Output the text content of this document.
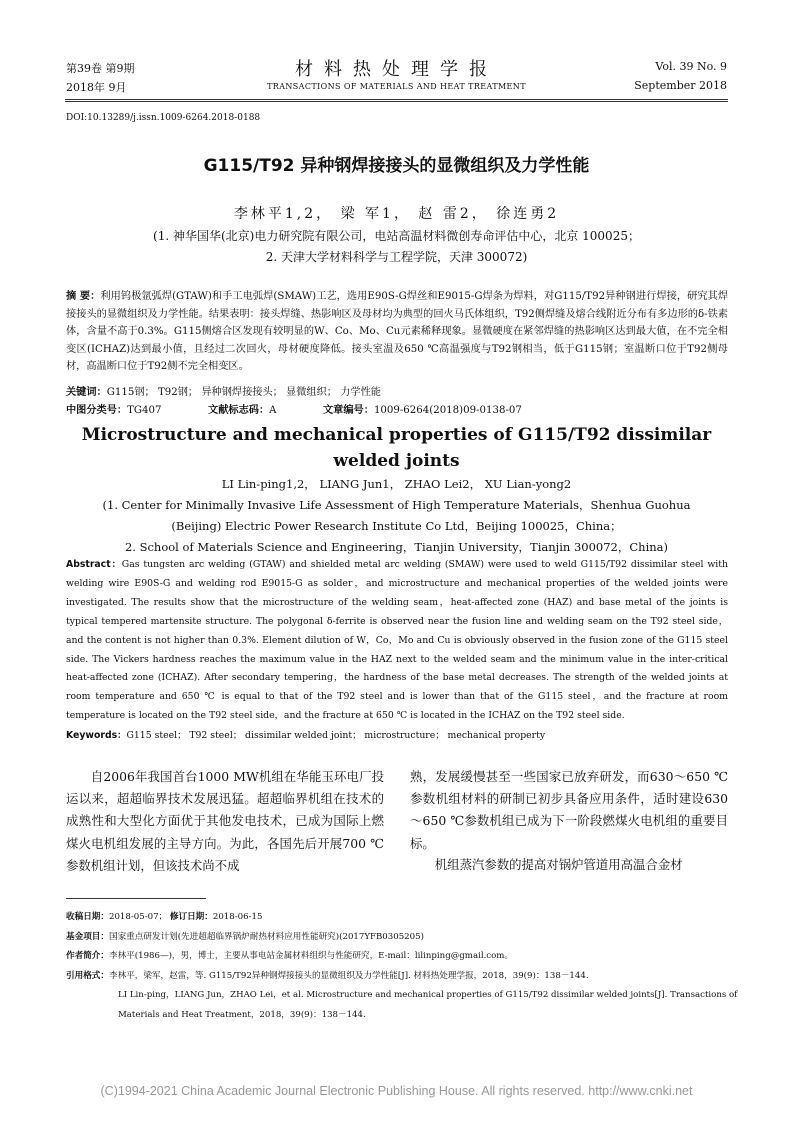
第39卷 第9期
2018年 9月
材料热处理学报
TRANSACTIONS OF MATERIALS AND HEAT TREATMENT
Vol. 39 No. 9
September 2018
DOI:10.13289/j.issn.1009-6264.2018-0188
G115/T92 异种钢焊接接头的显微组织及力学性能
李林平1,2， 梁 军1， 赵 雷2， 徐连勇2
(1. 神华国华(北京)电力研究院有限公司，电站高温材料微创寿命评估中心，北京 100025；
2. 天津大学材料科学与工程学院，天津 300072)
摘 要：利用钨极氩弧焊(GTAW)和手工电弧焊(SMAW)工艺，选用E90S-G焊丝和E9015-G焊条为焊料，对G115/T92异种钢进行焊接，研究其焊接接头的显微组织及力学性能。结果表明：接头焊缝、热影响区及母材均为典型的回火马氏体组织，T92侧焊缝及熔合线附近分布有多边形的δ-铁素体，含量不高于0.3%。G115侧熔合区发现有较明显的W、Co、Mo、Cu元素稀释现象。显微硬度在紧邻焊缝的热影响区达到最大值，在不完全相变区(ICHAZ)达到最小值，且经过二次回火，母材硬度降低。接头室温及650 ℃高温强度与T92钢相当，低于G115钢；室温断口位于T92侧母材，高温断口位于T92侧不完全相变区。
关键词：G115钢； T92钢； 异种钢焊接接头； 显微组织； 力学性能
中图分类号：TG407	文献标志码：A	文章编号：1009-6264(2018)09-0138-07
Microstructure and mechanical properties of G115/T92 dissimilar
welded joints
LI Lin-ping1,2， LIANG Jun1， ZHAO Lei2， XU Lian-yong2
(1. Center for Minimally Invasive Life Assessment of High Temperature Materials，Shenhua Guohua
(Beijing) Electric Power Research Institute Co Ltd，Beijing 100025，China；
2. School of Materials Science and Engineering，Tianjin University，Tianjin 300072，China)
Abstract：Gas tungsten arc welding (GTAW) and shielded metal arc welding (SMAW) were used to weld G115/T92 dissimilar steel with welding wire E90S-G and welding rod E9015-G as solder，and microstructure and mechanical properties of the welded joints were investigated. The results show that the microstructure of the welding seam，heat-affected zone (HAZ) and base metal of the joints is typical tempered martensite structure. The polygonal δ-ferrite is observed near the fusion line and welding seam on the T92 steel side，and the content is not higher than 0.3%. Element dilution of W，Co，Mo and Cu is obviously observed in the fusion zone of the G115 steel side. The Vickers hardness reaches the maximum value in the HAZ next to the welded seam and the minimum value in the inter-critical heat-affected zone (ICHAZ). After secondary tempering，the hardness of the base metal decreases. The strength of the welded joints at room temperature and 650 ℃ is equal to that of the T92 steel and is lower than that of the G115 steel，and the fracture at room temperature is located on the T92 steel side，and the fracture at 650 ℃ is located in the ICHAZ on the T92 steel side.
Keywords：G115 steel； T92 steel； dissimilar welded joint； microstructure； mechanical property
自2006年我国首台1000 MW机组在华能玉环电厂投运以来，超超临界技术发展迅猛。超超临界机组在技术的成熟性和大型化方面优于其他发电技术，已成为国际上燃煤火电机组发展的主导方向。为此，各国先后开展700 ℃参数机组计划，但该技术尚不成
熟，发展缓慢甚至一些国家已放弃研发，而630～650 ℃参数机组材料的研制已初步具备应用条件，适时建设630～650 ℃参数机组已成为下一阶段燃煤火电机组的重要目标。
机组蒸汽参数的提高对锅炉管道用高温合金材
收稿日期：2018-05-07； 修订日期：2018-06-15
基金项目：国家重点研发计划(先进超超临界锅炉耐热材料应用性能研究)(2017YFB0305205)
作者简介：李林平(1986—)，男，博士，主要从事电站金属材料组织与性能研究，E-mail：lilinping@gmail.com。
引用格式：李林平，梁军，赵雷，等. G115/T92异种钢焊接接头的显微组织及力学性能[J]. 材料热处理学报，2018，39(9)：138－144.
LI Lin-ping，LIANG Jun，ZHAO Lei，et al. Microstructure and mechanical properties of G115/T92 dissimilar welded joints[J]. Transactions of
Materials and Heat Treatment，2018，39(9)：138－144.
(C)1994-2021 China Academic Journal Electronic Publishing House. All rights reserved. http://www.cnki.net
